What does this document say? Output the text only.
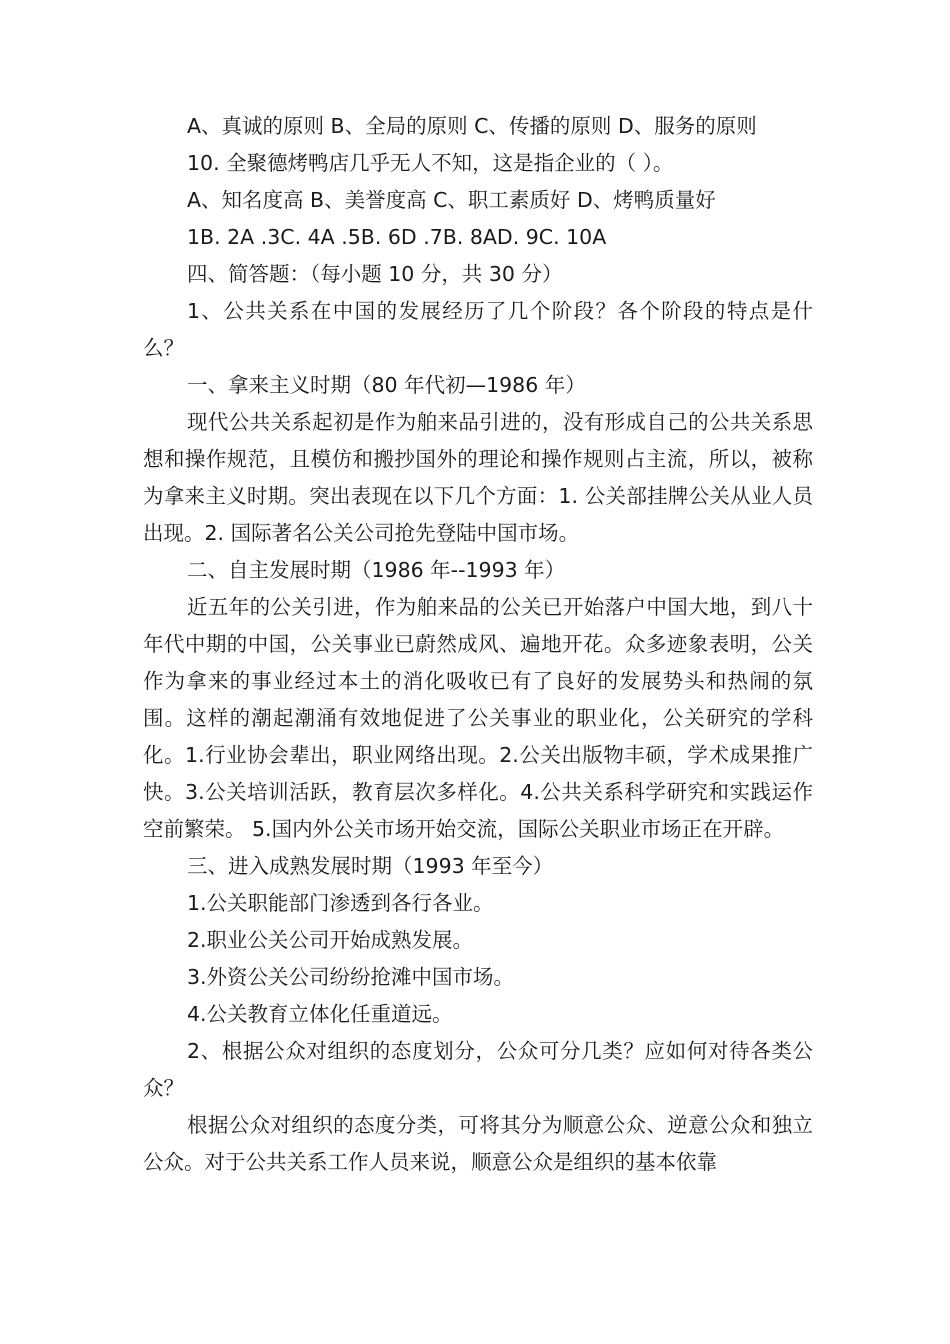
A、真诚的原则 B、全局的原则 C、传播的原则 D、服务的原则

10. 全聚德烤鸭店几乎无人不知，这是指企业的（ ）。

A、知名度高 B、美誉度高 C、职工素质好 D、烤鸭质量好

1B. 2A .3C. 4A .5B. 6D .7B. 8AD. 9C. 10A

四、简答题：（每小题 10 分，共 30 分）

1、公共关系在中国的发展经历了几个阶段？各个阶段的特点是什么？

一、拿来主义时期（80 年代初—1986 年）

现代公共关系起初是作为舶来品引进的，没有形成自己的公共关系思想和操作规范，且模仿和搬抄国外的理论和操作规则占主流，所以，被称为拿来主义时期。突出表现在以下几个方面：1. 公关部挂牌公关从业人员出现。2. 国际著名公关公司抢先登陆中国市场。

二、自主发展时期（1986 年--1993 年）

近五年的公关引进，作为舶来品的公关已开始落户中国大地，到八十年代中期的中国，公关事业已蔚然成风、遍地开花。众多迹象表明，公关作为拿来的事业经过本土的消化吸收已有了良好的发展势头和热闹的氛围。这样的潮起潮涌有效地促进了公关事业的职业化，公关研究的学科化。1.行业协会辈出，职业网络出现。2.公关出版物丰硕，学术成果推广快。3.公关培训活跃，教育层次多样化。4.公共关系科学研究和实践运作空前繁荣。 5.国内外公关市场开始交流，国际公关职业市场正在开辟。

三、进入成熟发展时期（1993 年至今）

1.公关职能部门渗透到各行各业。

2.职业公关公司开始成熟发展。

3.外资公关公司纷纷抢滩中国市场。

4.公关教育立体化任重道远。

2、根据公众对组织的态度划分，公众可分几类？应如何对待各类公众？

根据公众对组织的态度分类，可将其分为顺意公众、逆意公众和独立公众。对于公共关系工作人员来说，顺意公众是组织的基本依靠
